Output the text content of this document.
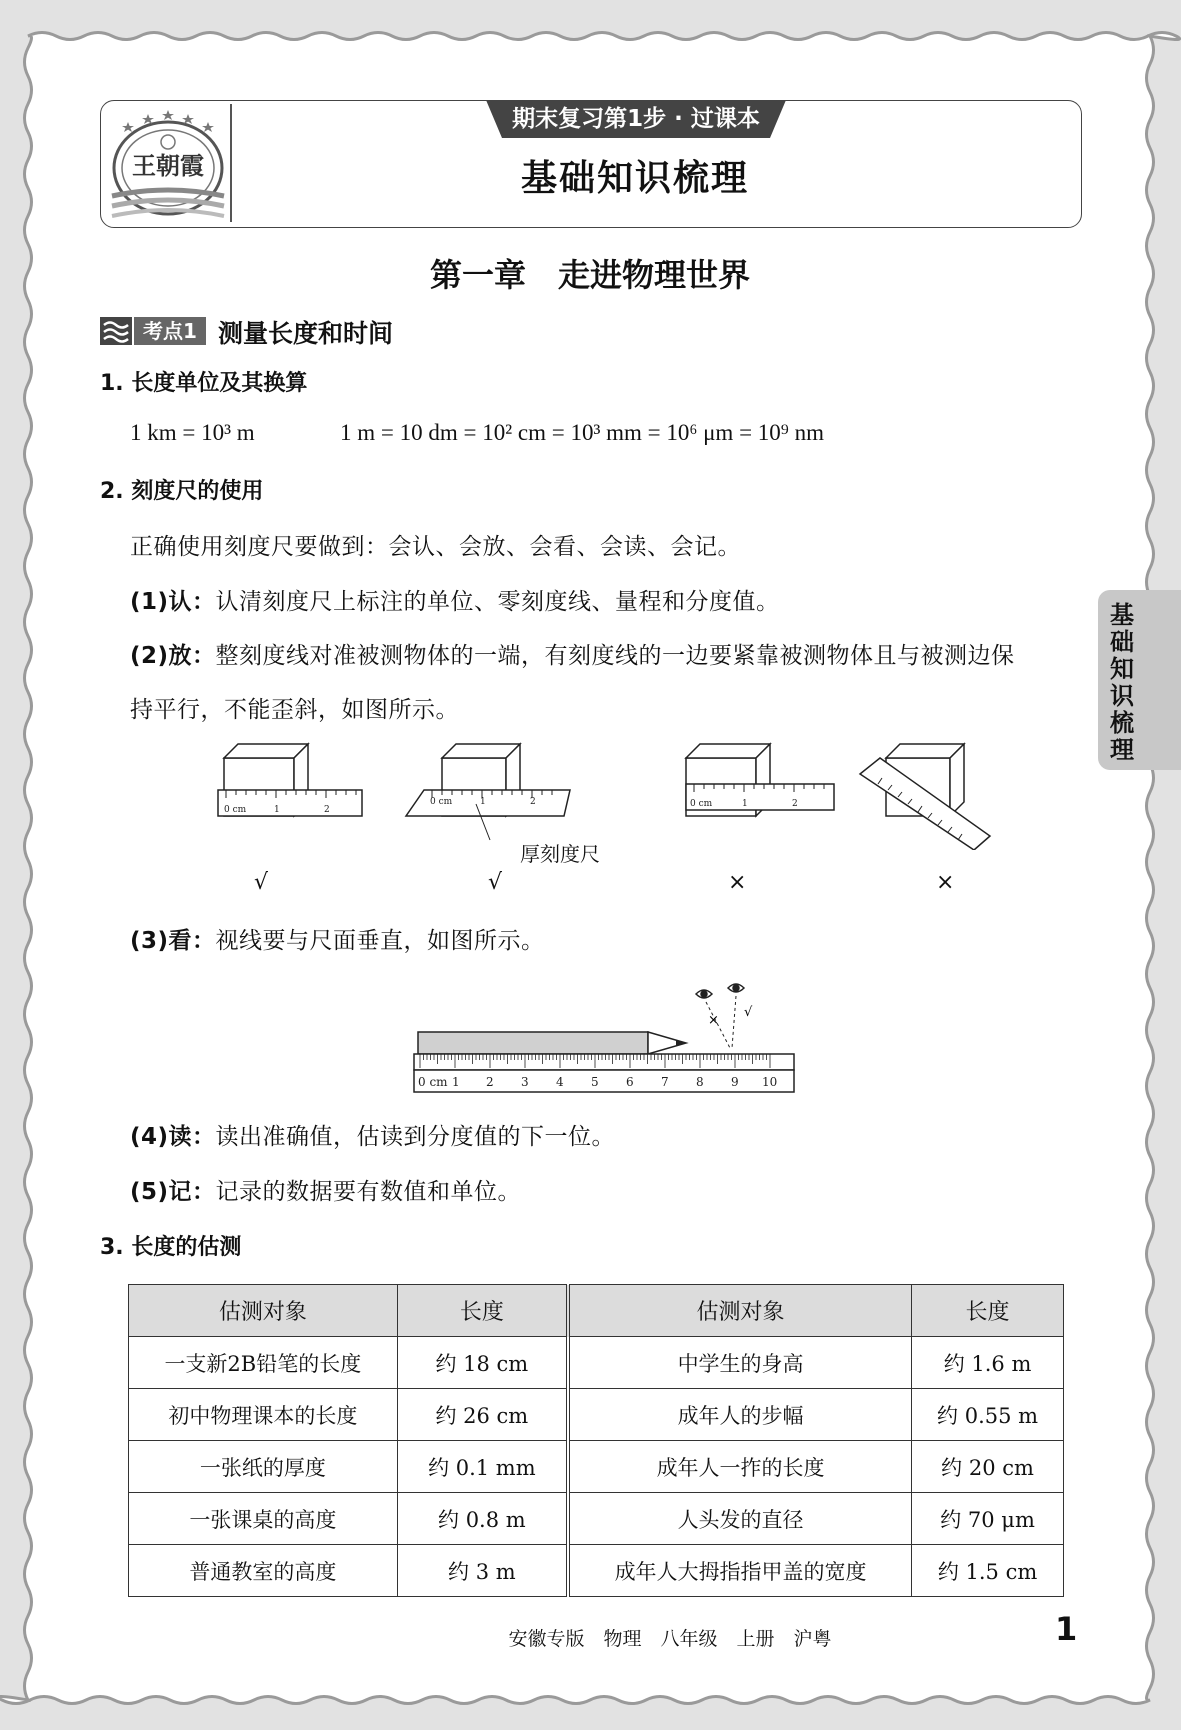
王朝霞
期末复习第1步 · 过课本
基础知识梳理
第一章　走进物理世界
考点1 测量长度和时间
1. 长度单位及其换算
1 km = 10³ m	1 m = 10 dm = 10² cm = 10³ mm = 10⁶ μm = 10⁹ nm
2. 刻度尺的使用
正确使用刻度尺要做到：会认、会放、会看、会读、会记。
(1)认：认清刻度尺上标注的单位、零刻度线、量程和分度值。
(2)放：整刻度线对准被测物体的一端，有刻度线的一边要紧靠被测物体且与被测边保
持平行，不能歪斜，如图所示。
0 cm	1	2
0 cm	1	2	0 cm	1	2
厚刻度尺
√	√	×	×
(3)看：视线要与尺面垂直，如图所示。
0 cm 1 2 3 4 5 6 7 8 9 10
×
√
(4)读：读出准确值，估读到分度值的下一位。
(5)记：记录的数据要有数值和单位。
3. 长度的估测
估测对象	长度	估测对象	长度
一支新2B铅笔的长度	约 18 cm	中学生的身高	约 1.6 m
初中物理课本的长度	约 26 cm	成年人的步幅	约 0.55 m
一张纸的厚度	约 0.1 mm	成年人一拃的长度	约 20 cm
一张课桌的高度	约 0.8 m	人头发的直径	约 70 μm
普通教室的高度	约 3 m	成年人大拇指指甲盖的宽度	约 1.5 cm
基础知识梳理
安徽专版　物理　八年级　上册　沪粤	1
